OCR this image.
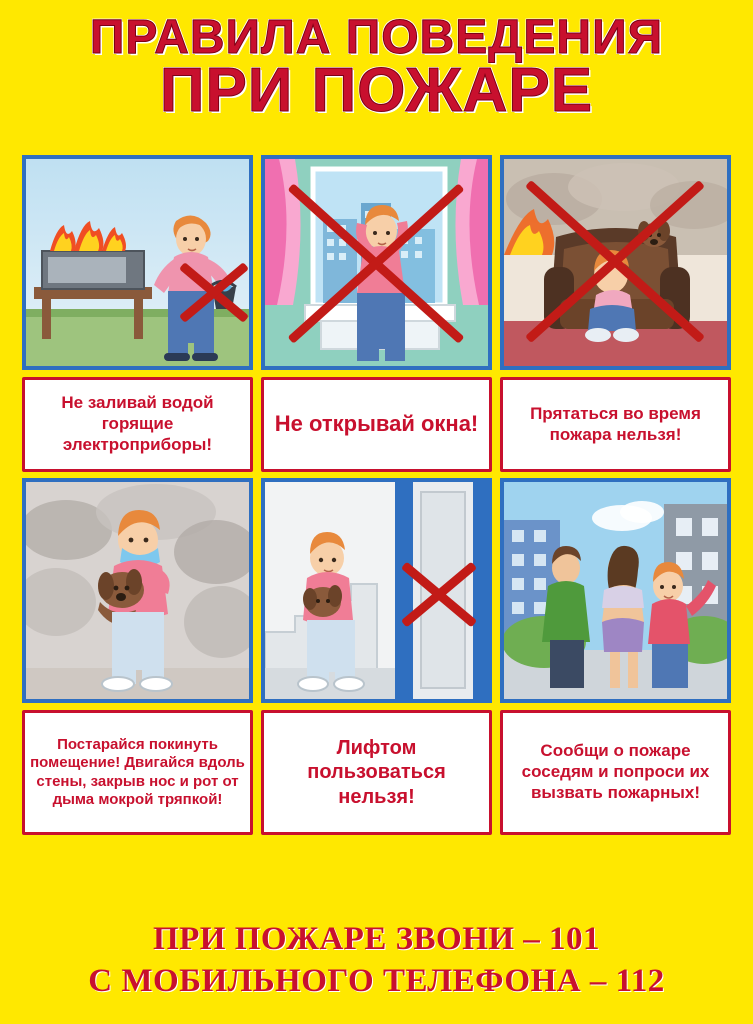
ПРАВИЛА ПОВЕДЕНИЯ
ПРИ ПОЖАРЕ
Не заливай водой горящие электроприборы!
Не открывай окна!	Прятаться во время пожара нельзя!
Постарайся покинуть помещение! Двигайся вдоль стены, закрыв нос и рот от дыма мокрой тряпкой!
Лифтом пользоваться нельзя!
Сообщи о пожаре соседям и попроси их вызвать пожарных!
ПРИ ПОЖАРЕ ЗВОНИ – 101
С МОБИЛЬНОГО ТЕЛЕФОНА – 112
